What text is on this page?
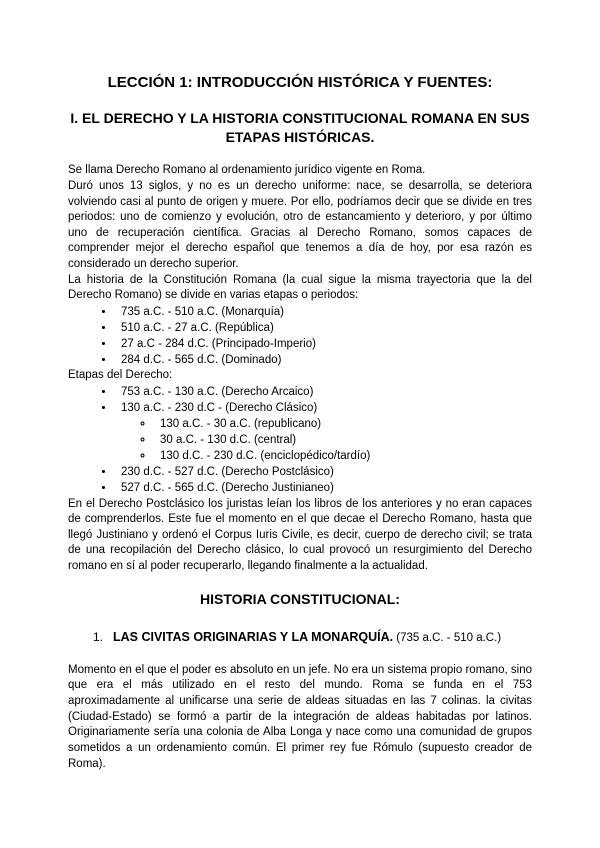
LECCIÓN 1: INTRODUCCIÓN HISTÓRICA Y FUENTES:
I. EL DERECHO Y LA HISTORIA CONSTITUCIONAL ROMANA EN SUS ETAPAS HISTÓRICAS.

Se llama Derecho Romano al ordenamiento jurídico vigente en Roma.

Duró unos 13 siglos, y no es un derecho uniforme: nace, se desarrolla, se deteriora volviendo casi al punto de origen y muere. Por ello, podríamos decir que se divide en tres periodos: uno de comienzo y evolución, otro de estancamiento y deterioro, y por último uno de recuperación científica. Gracias al Derecho Romano, somos capaces de comprender mejor el derecho español que tenemos a día de hoy, por esa razón es considerado un derecho superior.

La historia de la Constitución Romana (la cual sigue la misma trayectoria que la del Derecho Romano) se divide en varias etapas o periodos:

• 735 a.C. - 510 a.C. (Monarquía)
• 510 a.C. - 27 a.C. (República)
• 27 a.C - 284 d.C. (Principado-Imperio)
• 284 d.C. - 565 d.C. (Dominado)

Etapas del Derecho:

• 753 a.C. - 130 a.C. (Derecho Arcaico)
• 130 a.C. - 230 d.C - (Derecho Clásico)
◦ 130 a.C. - 30 a.C. (republicano)
◦ 30 a.C. - 130 d.C. (central)
◦ 130 d.C. - 230 d.C. (enciclopédico/tardío)
• 230 d.C. - 527 d.C. (Derecho Postclásico)
• 527 d.C. - 565 d.C. (Derecho Justinianeo)

En el Derecho Postclásico los juristas leían los libros de los anteriores y no eran capaces de comprenderlos. Este fue el momento en el que decae el Derecho Romano, hasta que llegó Justiniano y ordenó el Corpus Iuris Civile, es decir, cuerpo de derecho civil; se trata de una recopilación del Derecho clásico, lo cual provocó un resurgimiento del Derecho romano en sí al poder recuperarlo, llegando finalmente a la actualidad.

HISTORIA CONSTITUCIONAL:
1. LAS CIVITAS ORIGINARIAS Y LA MONARQUÍA. (735 a.C. - 510 a.C.)

Momento en el que el poder es absoluto en un jefe. No era un sistema propio romano, sino que era el más utilizado en el resto del mundo. Roma se funda en el 753 aproximadamente al unificarse una serie de aldeas situadas en las 7 colinas. la civitas (Ciudad-Estado) se formó a partir de la integración de aldeas habitadas por latinos. Originariamente sería una colonia de Alba Longa y nace como una comunidad de grupos sometidos a un ordenamiento común. El primer rey fue Rómulo (supuesto creador de Roma).
